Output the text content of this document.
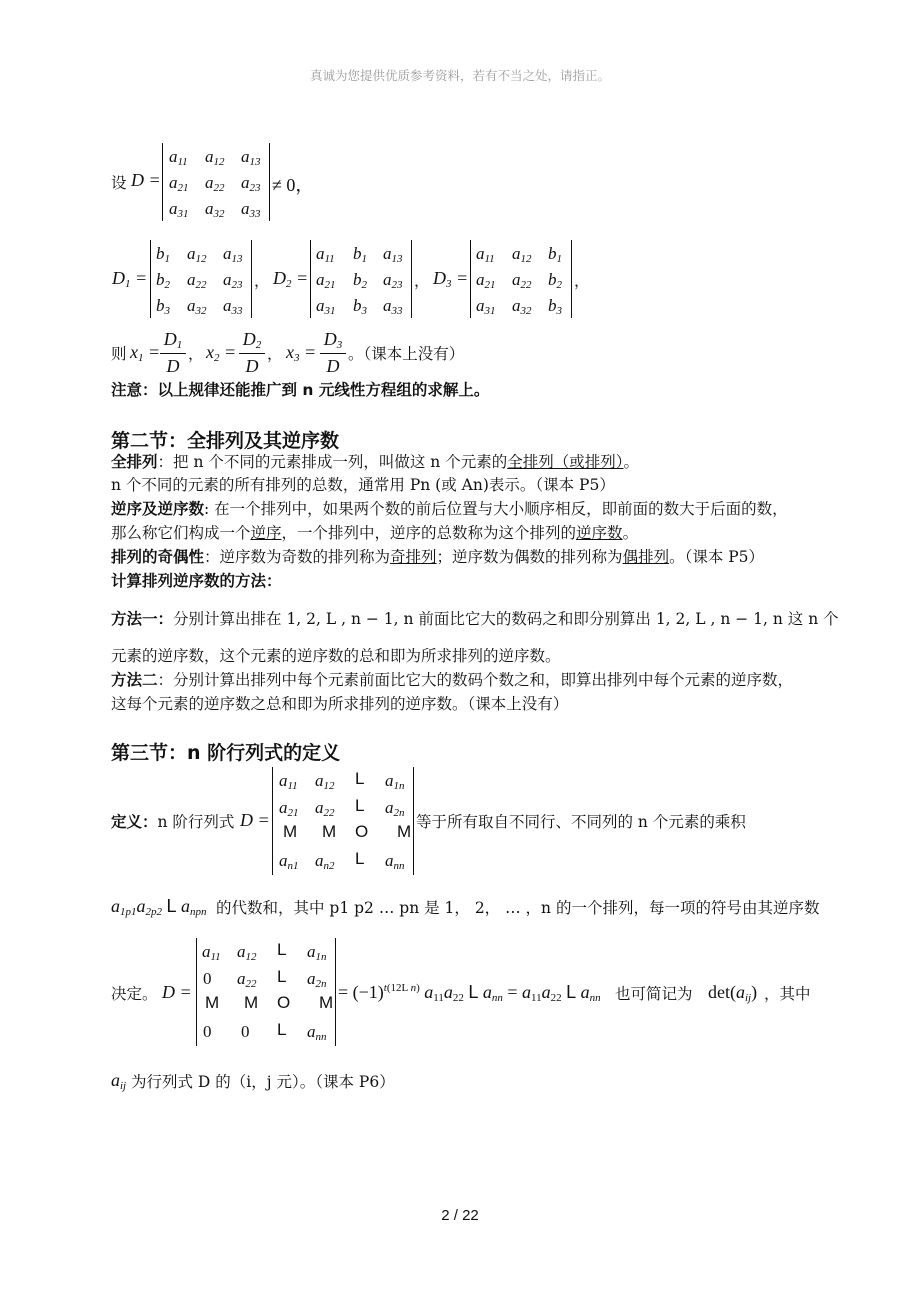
真诚为您提供优质参考资料，若有不当之处，请指正。
设 D =
$a_{11}$ $a_{12}$ $a_{13}$
$a_{21}$ $a_{22}$ $a_{23}$
$a_{31}$ $a_{32}$ $a_{33}$
≠ 0，
$D_1$ =
$b_1$ $a_{12}$ $a_{13}$
$b_2$ $a_{22}$ $a_{23}$
$b_3$ $a_{32}$ $a_{33}$
， $D_2$ =
$a_{11}$ $b_1$ $a_{13}$
$a_{21}$ $b_2$ $a_{23}$
$a_{31}$ $b_3$ $a_{33}$
， $D_3$ =
$a_{11}$ $a_{12}$ $b_1$
$a_{21}$ $a_{22}$ $b_2$
$a_{31}$ $a_{32}$ $b_3$
，
则 $x_1$ =
$D_1$
D
， $x_2$ =
$D_2$
D
， $x_3$ =
$D_3$
D
。（课本上没有）
注意：以上规律还能推广到 n 元线性方程组的求解上。
第二节：全排列及其逆序数
全排列：把 n 个不同的元素排成一列，叫做这 n 个元素的全排列（或排列）。
n 个不同的元素的所有排列的总数，通常用 Pn (或 An)表示。（课本 P5）
逆序及逆序数: 在一个排列中，如果两个数的前后位置与大小顺序相反，即前面的数大于后面的数，
那么称它们构成一个逆序，一个排列中，逆序的总数称为这个排列的逆序数。
排列的奇偶性：逆序数为奇数的排列称为奇排列；逆序数为偶数的排列称为偶排列。（课本 P5）
计算排列逆序数的方法：
方法一：分别计算出排在 1, 2, L , n − 1, n 前面比它大的数码之和即分别算出 1, 2, L , n − 1, n 这 n 个
元素的逆序数，这个元素的逆序数的总和即为所求排列的逆序数。
方法二：分别计算出排列中每个元素前面比它大的数码个数之和，即算出排列中每个元素的逆序数，
这每个元素的逆序数之总和即为所求排列的逆序数。（课本上没有）
第三节：n 阶行列式的定义
定义：n 阶行列式 D =
$a_{11}$ $a_{12}$ L $a_{1n}$
$a_{21}$ $a_{22}$ L $a_{2n}$
M M O M
$a_{n1}$ $a_{n2}$ L $a_{nn}$
等于所有取自不同行、不同列的 n 个元素的乘积
$a_{1p1}a_{2p2}$ L $a_{npn}$ 的代数和，其中 p1 p2 … pn 是 1， 2， … ，n 的一个排列，每一项的符号由其逆序数
决定。 D =
$a_{11}$ $a_{12}$ L $a_{1n}$
0 $a_{22}$ L $a_{2n}$
M M O M
0 0 L $a_{nn}$
= $(-1)^{t(12L n)}$ $a_{11}a_{22}$ L $a_{nn} = a_{11}a_{22}$ L $a_{nn}$ 也可简记为 $\det(a_{ij})$ ，其中
$a_{ij}$ 为行列式 D 的（i，j 元）。（课本 P6）
2 / 22
